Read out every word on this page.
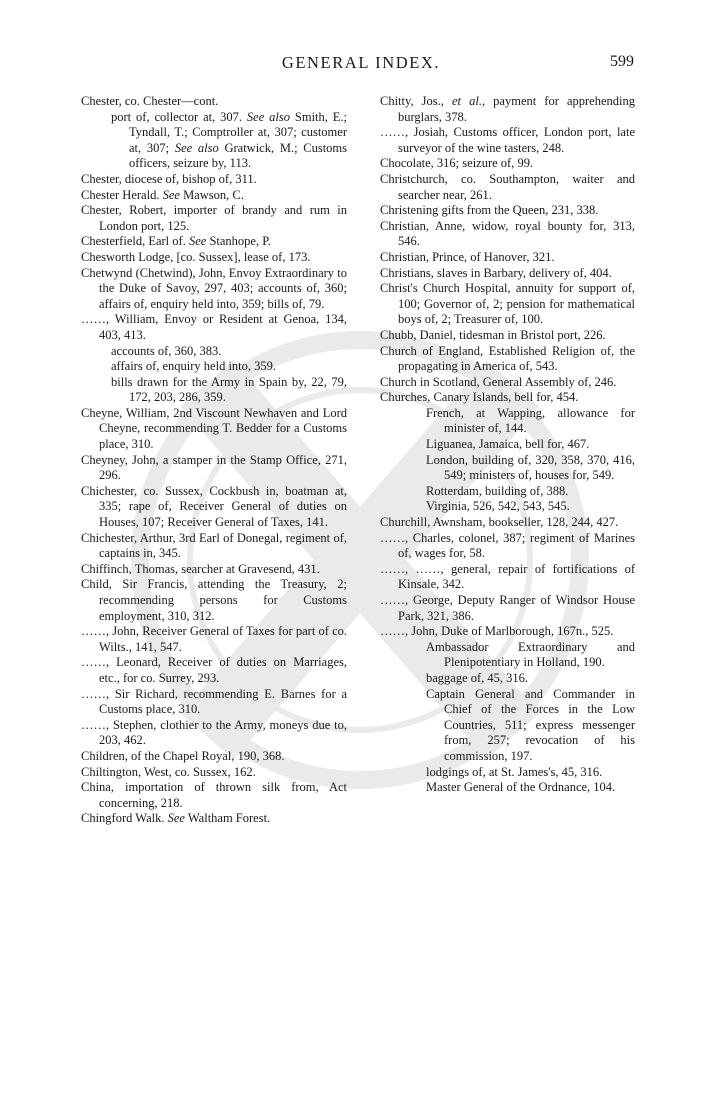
GENERAL INDEX.	599

Chester, co. Chester—cont.

port of, collector at, 307. See also Smith, E.; Tyndall, T.; Comptroller at, 307; customer at, 307; See also Gratwick, M.; Customs officers, seizure by, 113.

Chester, diocese of, bishop of, 311.

Chester Herald. See Mawson, C.

Chester, Robert, importer of brandy and rum in London port, 125.

Chesterfield, Earl of. See Stanhope, P.

Chesworth Lodge, [co. Sussex], lease of, 173.

Chetwynd (Chetwind), John, Envoy Extraordinary to the Duke of Savoy, 297, 403; accounts of, 360; affairs of, enquiry held into, 359; bills of, 79.

……, William, Envoy or Resident at Genoa, 134, 403, 413.

accounts of, 360, 383.

affairs of, enquiry held into, 359.

bills drawn for the Army in Spain by, 22, 79, 172, 203, 286, 359.

Cheyne, William, 2nd Viscount Newhaven and Lord Cheyne, recommending T. Bedder for a Customs place, 310.

Cheyney, John, a stamper in the Stamp Office, 271, 296.

Chichester, co. Sussex, Cockbush in, boatman at, 335; rape of, Receiver General of duties on Houses, 107; Receiver General of Taxes, 141.

Chichester, Arthur, 3rd Earl of Donegal, regiment of, captains in, 345.

Chiffinch, Thomas, searcher at Gravesend, 431.

Child, Sir Francis, attending the Treasury, 2; recommending persons for Customs employment, 310, 312.

……, John, Receiver General of Taxes for part of co. Wilts., 141, 547.

……, Leonard, Receiver of duties on Marriages, etc., for co. Surrey, 293.

……, Sir Richard, recommending E. Barnes for a Customs place, 310.

……, Stephen, clothier to the Army, moneys due to, 203, 462.

Children, of the Chapel Royal, 190, 368.

Chiltington, West, co. Sussex, 162.

China, importation of thrown silk from, Act concerning, 218.

Chingford Walk. See Waltham Forest.

Chitty, Jos., et al., payment for apprehending burglars, 378.

……, Josiah, Customs officer, London port, late surveyor of the wine tasters, 248.

Chocolate, 316; seizure of, 99.

Christchurch, co. Southampton, waiter and searcher near, 261.

Christening gifts from the Queen, 231, 338.

Christian, Anne, widow, royal bounty for, 313, 546.

Christian, Prince, of Hanover, 321.

Christians, slaves in Barbary, delivery of, 404.

Christ's Church Hospital, annuity for support of, 100; Governor of, 2; pension for mathematical boys of, 2; Treasurer of, 100.

Chubb, Daniel, tidesman in Bristol port, 226.

Church of England, Established Religion of, the propagating in America of, 543.

Church in Scotland, General Assembly of, 246.

Churches, Canary Islands, bell for, 454.

French, at Wapping, allowance for minister of, 144.

Liguanea, Jamaica, bell for, 467.

London, building of, 320, 358, 370, 416, 549; ministers of, houses for, 549.

Rotterdam, building of, 388.

Virginia, 526, 542, 543, 545.

Churchill, Awnsham, bookseller, 128, 244, 427.

……, Charles, colonel, 387; regiment of Marines of, wages for, 58.

……, ……, general, repair of fortifications of Kinsale, 342.

……, George, Deputy Ranger of Windsor House Park, 321, 386.

……, John, Duke of Marlborough, 167n., 525.

Ambassador Extraordinary and Plenipotentiary in Holland, 190.

baggage of, 45, 316.

Captain General and Commander in Chief of the Forces in the Low Countries, 511; express messenger from, 257; revocation of his commission, 197.

lodgings of, at St. James's, 45, 316.

Master General of the Ordnance, 104.
